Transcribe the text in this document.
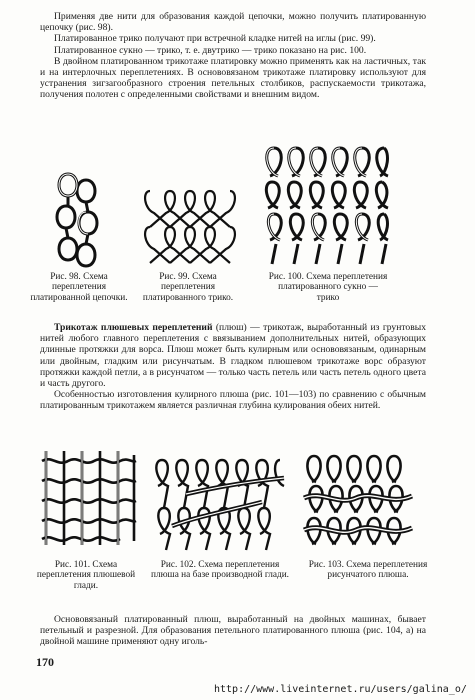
Применяя две нити для образования каждой цепочки, можно получить платированную цепочку (рис. 98).

Платированное трико получают при встречной кладке нитей на иглы (рис. 99).

Платированное сукно — трико, т. е. двутрико — трико показано на рис. 100.

В двойном платированном трикотаже платировку можно применять как на ластичных, так и на интерлочных переплетениях. В основовязаном трикотаже платировку используют для устранения зигзагообразного строения петельных столбиков, распускаемости трикотажа, получения полотен с определенными свойствами и внешним видом.

Рис. 98. Схема переплетения платированной цепочки.
Рис. 99. Схема переплетения платированного трико.
Рис. 100. Схема переплетения платированного сукно — трико

Трикотаж плюшевых переплетений (плюш) — трикотаж, выработанный из грунтовых нитей любого главного переплетения с ввязыванием дополнительных нитей, образующих длинные протяжки для ворса. Плюш может быть кулирным или основовязаным, одинарным или двойным, гладким или рисунчатым. В гладком плюшевом трикотаже ворс образуют протяжки каждой петли, а в рисунчатом — только часть петель или часть петель одного цвета и часть другого.

Особенностью изготовления кулирного плюша (рис. 101—103) по сравнению с обычным платированным трикотажем является различная глубина кулирования обеих нитей.

Рис. 101. Схема переплетения плюшевой глади.
Рис. 102. Схема переплетения плюша на базе производной глади.
Рис. 103. Схема переплетения рисунчатого плюша.

Основовязаный платированный плюш, выработанный на двойных машинах, бывает петельный и разрезной. Для образования петельного платированного плюша (рис. 104, а) на двойной машине применяют одну иголь-

170
http://www.liveinternet.ru/users/galina_o/
